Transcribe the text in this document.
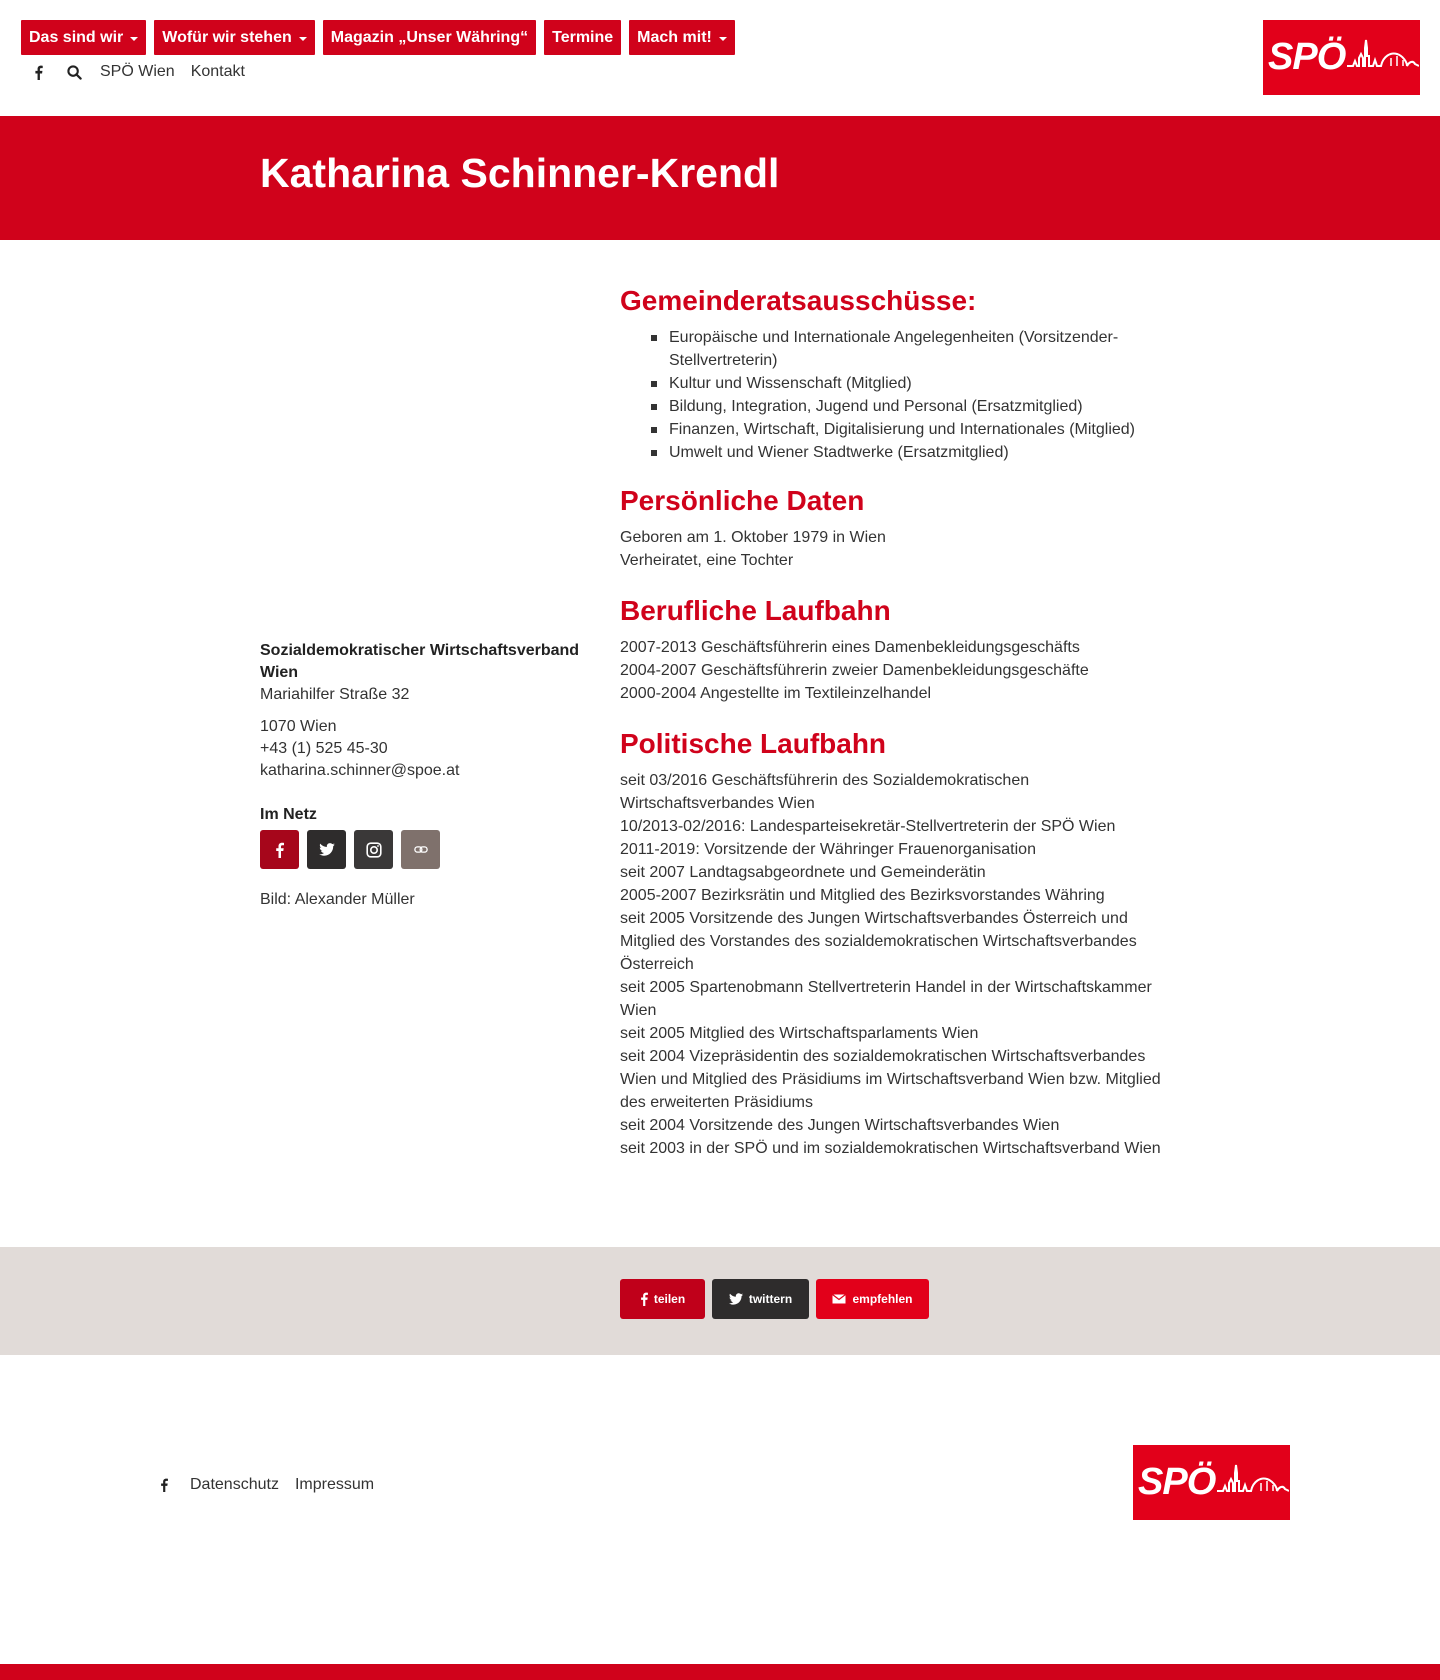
Das sind wir Wofür wir stehen Magazin „Unser Währing“ Termine Mach mit!
SPÖ Wien Kontakt	SPÖ
Katharina Schinner-Krendl
Sozialdemokratischer Wirtschaftsverband Wien
Mariahilfer Straße 32
1070 Wien
+43 (1) 525 45-30
katharina.schinner@spoe.at
Im Netz
Bild: Alexander Müller
Gemeinderatsausschüsse:
Europäische und Internationale Angelegenheiten (Vorsitzender-Stellvertreterin)
Kultur und Wissenschaft (Mitglied)
Bildung, Integration, Jugend und Personal (Ersatzmitglied)
Finanzen, Wirtschaft, Digitalisierung und Internationales (Mitglied)
Umwelt und Wiener Stadtwerke (Ersatzmitglied)
Persönliche Daten
Geboren am 1. Oktober 1979 in Wien
Verheiratet, eine Tochter
Berufliche Laufbahn
2007-2013 Geschäftsführerin eines Damenbekleidungsgeschäfts
2004-2007 Geschäftsführerin zweier Damenbekleidungsgeschäfte
2000-2004 Angestellte im Textileinzelhandel
Politische Laufbahn
seit 03/2016 Geschäftsführerin des Sozialdemokratischen Wirtschaftsverbandes Wien
10/2013-02/2016: Landesparteisekretär-Stellvertreterin der SPÖ Wien
2011-2019: Vorsitzende der Währinger Frauenorganisation
seit 2007 Landtagsabgeordnete und Gemeinderätin
2005-2007 Bezirksrätin und Mitglied des Bezirksvorstandes Währing
seit 2005 Vorsitzende des Jungen Wirtschaftsverbandes Österreich und Mitglied des Vorstandes des sozialdemokratischen Wirtschaftsverbandes Österreich
seit 2005 Spartenobmann Stellvertreterin Handel in der Wirtschaftskammer Wien
seit 2005 Mitglied des Wirtschaftsparlaments Wien
seit 2004 Vizepräsidentin des sozialdemokratischen Wirtschaftsverbandes Wien und Mitglied des Präsidiums im Wirtschaftsverband Wien bzw. Mitglied des erweiterten Präsidiums
seit 2004 Vorsitzende des Jungen Wirtschaftsverbandes Wien
seit 2003 in der SPÖ und im sozialdemokratischen Wirtschaftsverband Wien
teilen	twittern	empfehlen
Datenschutz Impressum	SPÖ
